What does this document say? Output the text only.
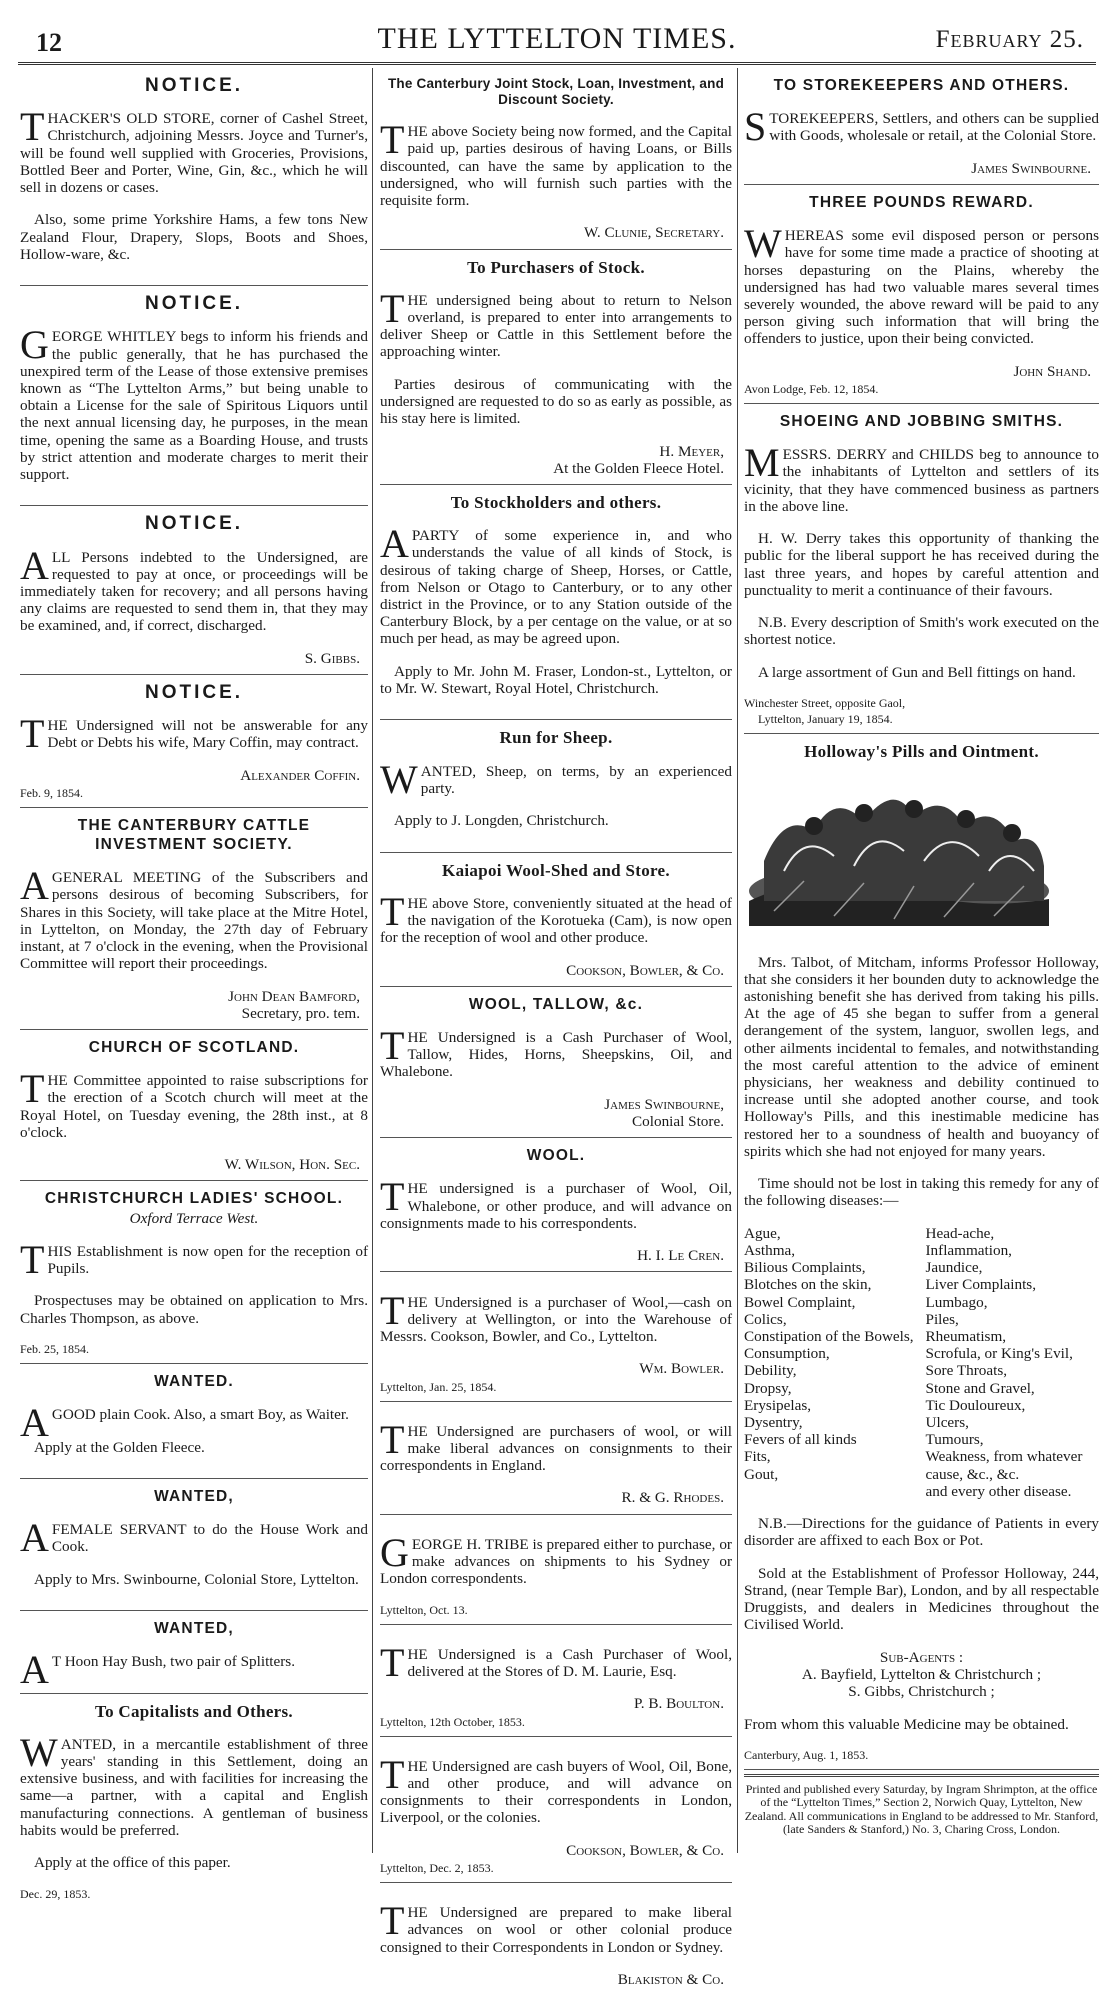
12	THE LYTTELTON TIMES.	February 25.
NOTICE.

THACKER'S OLD STORE, corner of Cashel Street, Christchurch, adjoining Messrs. Joyce and Turner's, will be found well supplied with Groceries, Provisions, Bottled Beer and Porter, Wine, Gin, &c., which he will sell in dozens or cases.

Also, some prime Yorkshire Hams, a few tons New Zealand Flour, Drapery, Slops, Boots and Shoes, Hollow-ware, &c.

NOTICE.

GEORGE WHITLEY begs to inform his friends and the public generally, that he has purchased the unexpired term of the Lease of those extensive premises known as “The Lyttelton Arms,” but being unable to obtain a License for the sale of Spiritous Liquors until the next annual licensing day, he purposes, in the mean time, opening the same as a Boarding House, and trusts by strict attention and moderate charges to merit their support.

NOTICE.

ALL Persons indebted to the Undersigned, are requested to pay at once, or proceedings will be immediately taken for recovery; and all persons having any claims are requested to send them in, that they may be examined, and, if correct, discharged.

S. Gibbs.
NOTICE.

THE Undersigned will not be answerable for any Debt or Debts his wife, Mary Coffin, may contract.

Alexander Coffin.
Feb. 9, 1854.
THE CANTERBURY CATTLE INVESTMENT SOCIETY.

AGENERAL MEETING of the Subscribers and persons desirous of becoming Subscribers, for Shares in this Society, will take place at the Mitre Hotel, in Lyttelton, on Monday, the 27th day of February instant, at 7 o'clock in the evening, when the Provisional Committee will report their proceedings.

John Dean Bamford,
Secretary, pro. tem.
CHURCH OF SCOTLAND.

THE Committee appointed to raise subscriptions for the erection of a Scotch church will meet at the Royal Hotel, on Tuesday evening, the 28th inst., at 8 o'clock.

W. Wilson, Hon. Sec.
CHRISTCHURCH LADIES' SCHOOL.
Oxford Terrace West.

THIS Establishment is now open for the reception of Pupils.

Prospectuses may be obtained on application to Mrs. Charles Thompson, as above.

Feb. 25, 1854.
WANTED.

AGOOD plain Cook. Also, a smart Boy, as Waiter.

Apply at the Golden Fleece.

WANTED,

AFEMALE SERVANT to do the House Work and Cook.

Apply to Mrs. Swinbourne, Colonial Store, Lyttelton.

WANTED,

AT Hoon Hay Bush, two pair of Splitters.

To Capitalists and Others.

WANTED, in a mercantile establishment of three years' standing in this Settlement, doing an extensive business, and with facilities for increasing the same—a partner, with a capital and English manufacturing connections. A gentleman of business habits would be preferred.

Apply at the office of this paper.

Dec. 29, 1853.
The Canterbury Joint Stock, Loan, Investment, and Discount Society.

THE above Society being now formed, and the Capital paid up, parties desirous of having Loans, or Bills discounted, can have the same by application to the undersigned, who will furnish such parties with the requisite form.

W. Clunie, Secretary.
To Purchasers of Stock.

THE undersigned being about to return to Nelson overland, is prepared to enter into arrangements to deliver Sheep or Cattle in this Settlement before the approaching winter.

Parties desirous of communicating with the undersigned are requested to do so as early as possible, as his stay here is limited.

H. Meyer,
At the Golden Fleece Hotel.
To Stockholders and others.

APARTY of some experience in, and who understands the value of all kinds of Stock, is desirous of taking charge of Sheep, Horses, or Cattle, from Nelson or Otago to Canterbury, or to any other district in the Province, or to any Station outside of the Canterbury Block, by a per centage on the value, or at so much per head, as may be agreed upon.

Apply to Mr. John M. Fraser, London-st., Lyttelton, or to Mr. W. Stewart, Royal Hotel, Christchurch.

Run for Sheep.

WANTED, Sheep, on terms, by an experienced party.

Apply to J. Longden, Christchurch.

Kaiapoi Wool-Shed and Store.

THE above Store, conveniently situated at the head of the navigation of the Korotueka (Cam), is now open for the reception of wool and other produce.

Cookson, Bowler, & Co.
WOOL, TALLOW, &c.

THE Undersigned is a Cash Purchaser of Wool, Tallow, Hides, Horns, Sheepskins, Oil, and Whalebone.

James Swinbourne,
Colonial Store.
WOOL.

THE undersigned is a purchaser of Wool, Oil, Whalebone, or other produce, and will advance on consignments made to his correspondents.

H. I. Le Cren.

THE Undersigned is a purchaser of Wool,—cash on delivery at Wellington, or into the Warehouse of Messrs. Cookson, Bowler, and Co., Lyttelton.

Wm. Bowler.
Lyttelton, Jan. 25, 1854.

THE Undersigned are purchasers of wool, or will make liberal advances on consignments to their correspondents in England.

R. & G. Rhodes.

GEORGE H. TRIBE is prepared either to purchase, or make advances on shipments to his Sydney or London correspondents.

Lyttelton, Oct. 13.

THE Undersigned is a Cash Purchaser of Wool, delivered at the Stores of D. M. Laurie, Esq.

P. B. Boulton.
Lyttelton, 12th October, 1853.

THE Undersigned are cash buyers of Wool, Oil, Bone, and other produce, and will advance on consignments to their correspondents in London, Liverpool, or the colonies.

Cookson, Bowler, & Co.
Lyttelton, Dec. 2, 1853.

THE Undersigned are prepared to make liberal advances on wool or other colonial produce consigned to their Correspondents in London or Sydney.

Blakiston & Co.
TO STOREKEEPERS AND OTHERS.

STOREKEEPERS, Settlers, and others can be supplied with Goods, wholesale or retail, at the Colonial Store.

James Swinbourne.
THREE POUNDS REWARD.

WHEREAS some evil disposed person or persons have for some time made a practice of shooting at horses depasturing on the Plains, whereby the undersigned has had two valuable mares several times severely wounded, the above reward will be paid to any person giving such information that will bring the offenders to justice, upon their being convicted.

John Shand.
Avon Lodge, Feb. 12, 1854.
SHOEING AND JOBBING SMITHS.

MESSRS. DERRY and CHILDS beg to announce to the inhabitants of Lyttelton and settlers of its vicinity, that they have commenced business as partners in the above line.

H. W. Derry takes this opportunity of thanking the public for the liberal support he has received during the last three years, and hopes by careful attention and punctuality to merit a continuance of their favours.

N.B. Every description of Smith's work executed on the shortest notice.

A large assortment of Gun and Bell fittings on hand.

Winchester Street, opposite Gaol,
Lyttelton, January 19, 1854.
Holloway's Pills and Ointment.

Mrs. Talbot, of Mitcham, informs Professor Holloway, that she considers it her bounden duty to acknowledge the astonishing benefit she has derived from taking his pills. At the age of 45 she began to suffer from a general derangement of the system, languor, swollen legs, and other ailments incidental to females, and notwithstanding the most careful attention to the advice of eminent physicians, her weakness and debility continued to increase until she adopted another course, and took Holloway's Pills, and this inestimable medicine has restored her to a soundness of health and buoyancy of spirits which she had not enjoyed for many years.

Time should not be lost in taking this remedy for any of the following diseases:—

Ague,
Asthma,
Bilious Complaints,
Blotches on the skin,
Bowel Complaint,
Colics,
Constipation of the Bowels,
Consumption,
Debility,
Dropsy,
Erysipelas,
Dysentry,
Fevers of all kinds
Fits,
Gout,
Head-ache,
Inflammation,
Jaundice,
Liver Complaints,
Lumbago,
Piles,
Rheumatism,
Scrofula, or King's Evil,
Sore Throats,
Stone and Gravel,
Tic Douloureux,
Ulcers,
Tumours,
Weakness, from whatever cause, &c., &c.
and every other disease.

N.B.—Directions for the guidance of Patients in every disorder are affixed to each Box or Pot.

Sold at the Establishment of Professor Holloway, 244, Strand, (near Temple Bar), London, and by all respectable Druggists, and dealers in Medicines throughout the Civilised World.

Sub-Agents :
A. Bayfield, Lyttelton & Christchurch ;
S. Gibbs, Christchurch ;

From whom this valuable Medicine may be obtained.

Canterbury, Aug. 1, 1853.
Printed and published every Saturday, by Ingram Shrimpton, at the office of the “Lyttelton Times,” Section 2, Norwich Quay, Lyttelton, New Zealand. All communications in England to be addressed to Mr. Stanford, (late Sanders & Stanford,) No. 3, Charing Cross, London.
